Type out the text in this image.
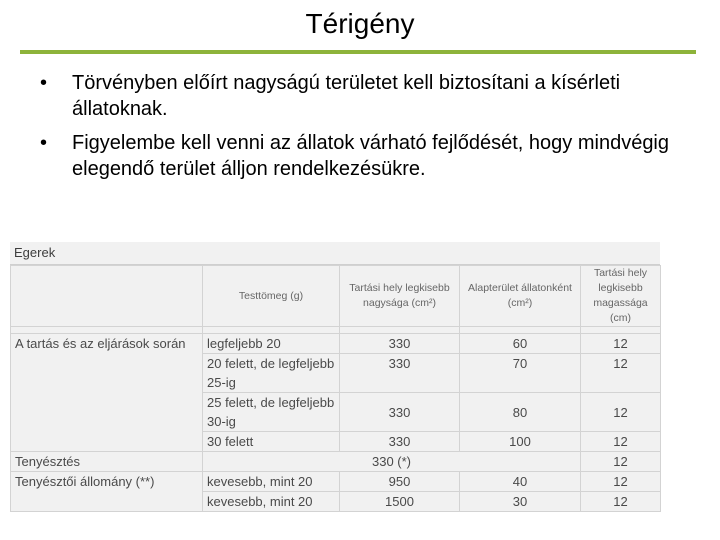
Térigény
• Törvényben előírt nagyságú területet kell biztosítani a kísérleti állatoknak.
• Figyelembe kell venni az állatok várható fejlődését, hogy mindvégig elegendő terület álljon rendelkezésükre.
Egerek
	Testtömeg (g)	Tartási hely legkisebb nagysága (cm²)	Alapterület állatonként (cm²)	Tartási hely legkisebb magassága (cm)

A tartás és az eljárások során	legfeljebb 20	330	60	12
	20 felett, de legfeljebb 25-ig	330	70	12

	25 felett, de legfeljebb 30-ig	330	80	12

	30 felett	330	100	12
Tenyésztés	330 (*)			12
Tenyésztői állomány (**)	kevesebb, mint 20	950	40	12
	kevesebb, mint 20	1500	30	12
